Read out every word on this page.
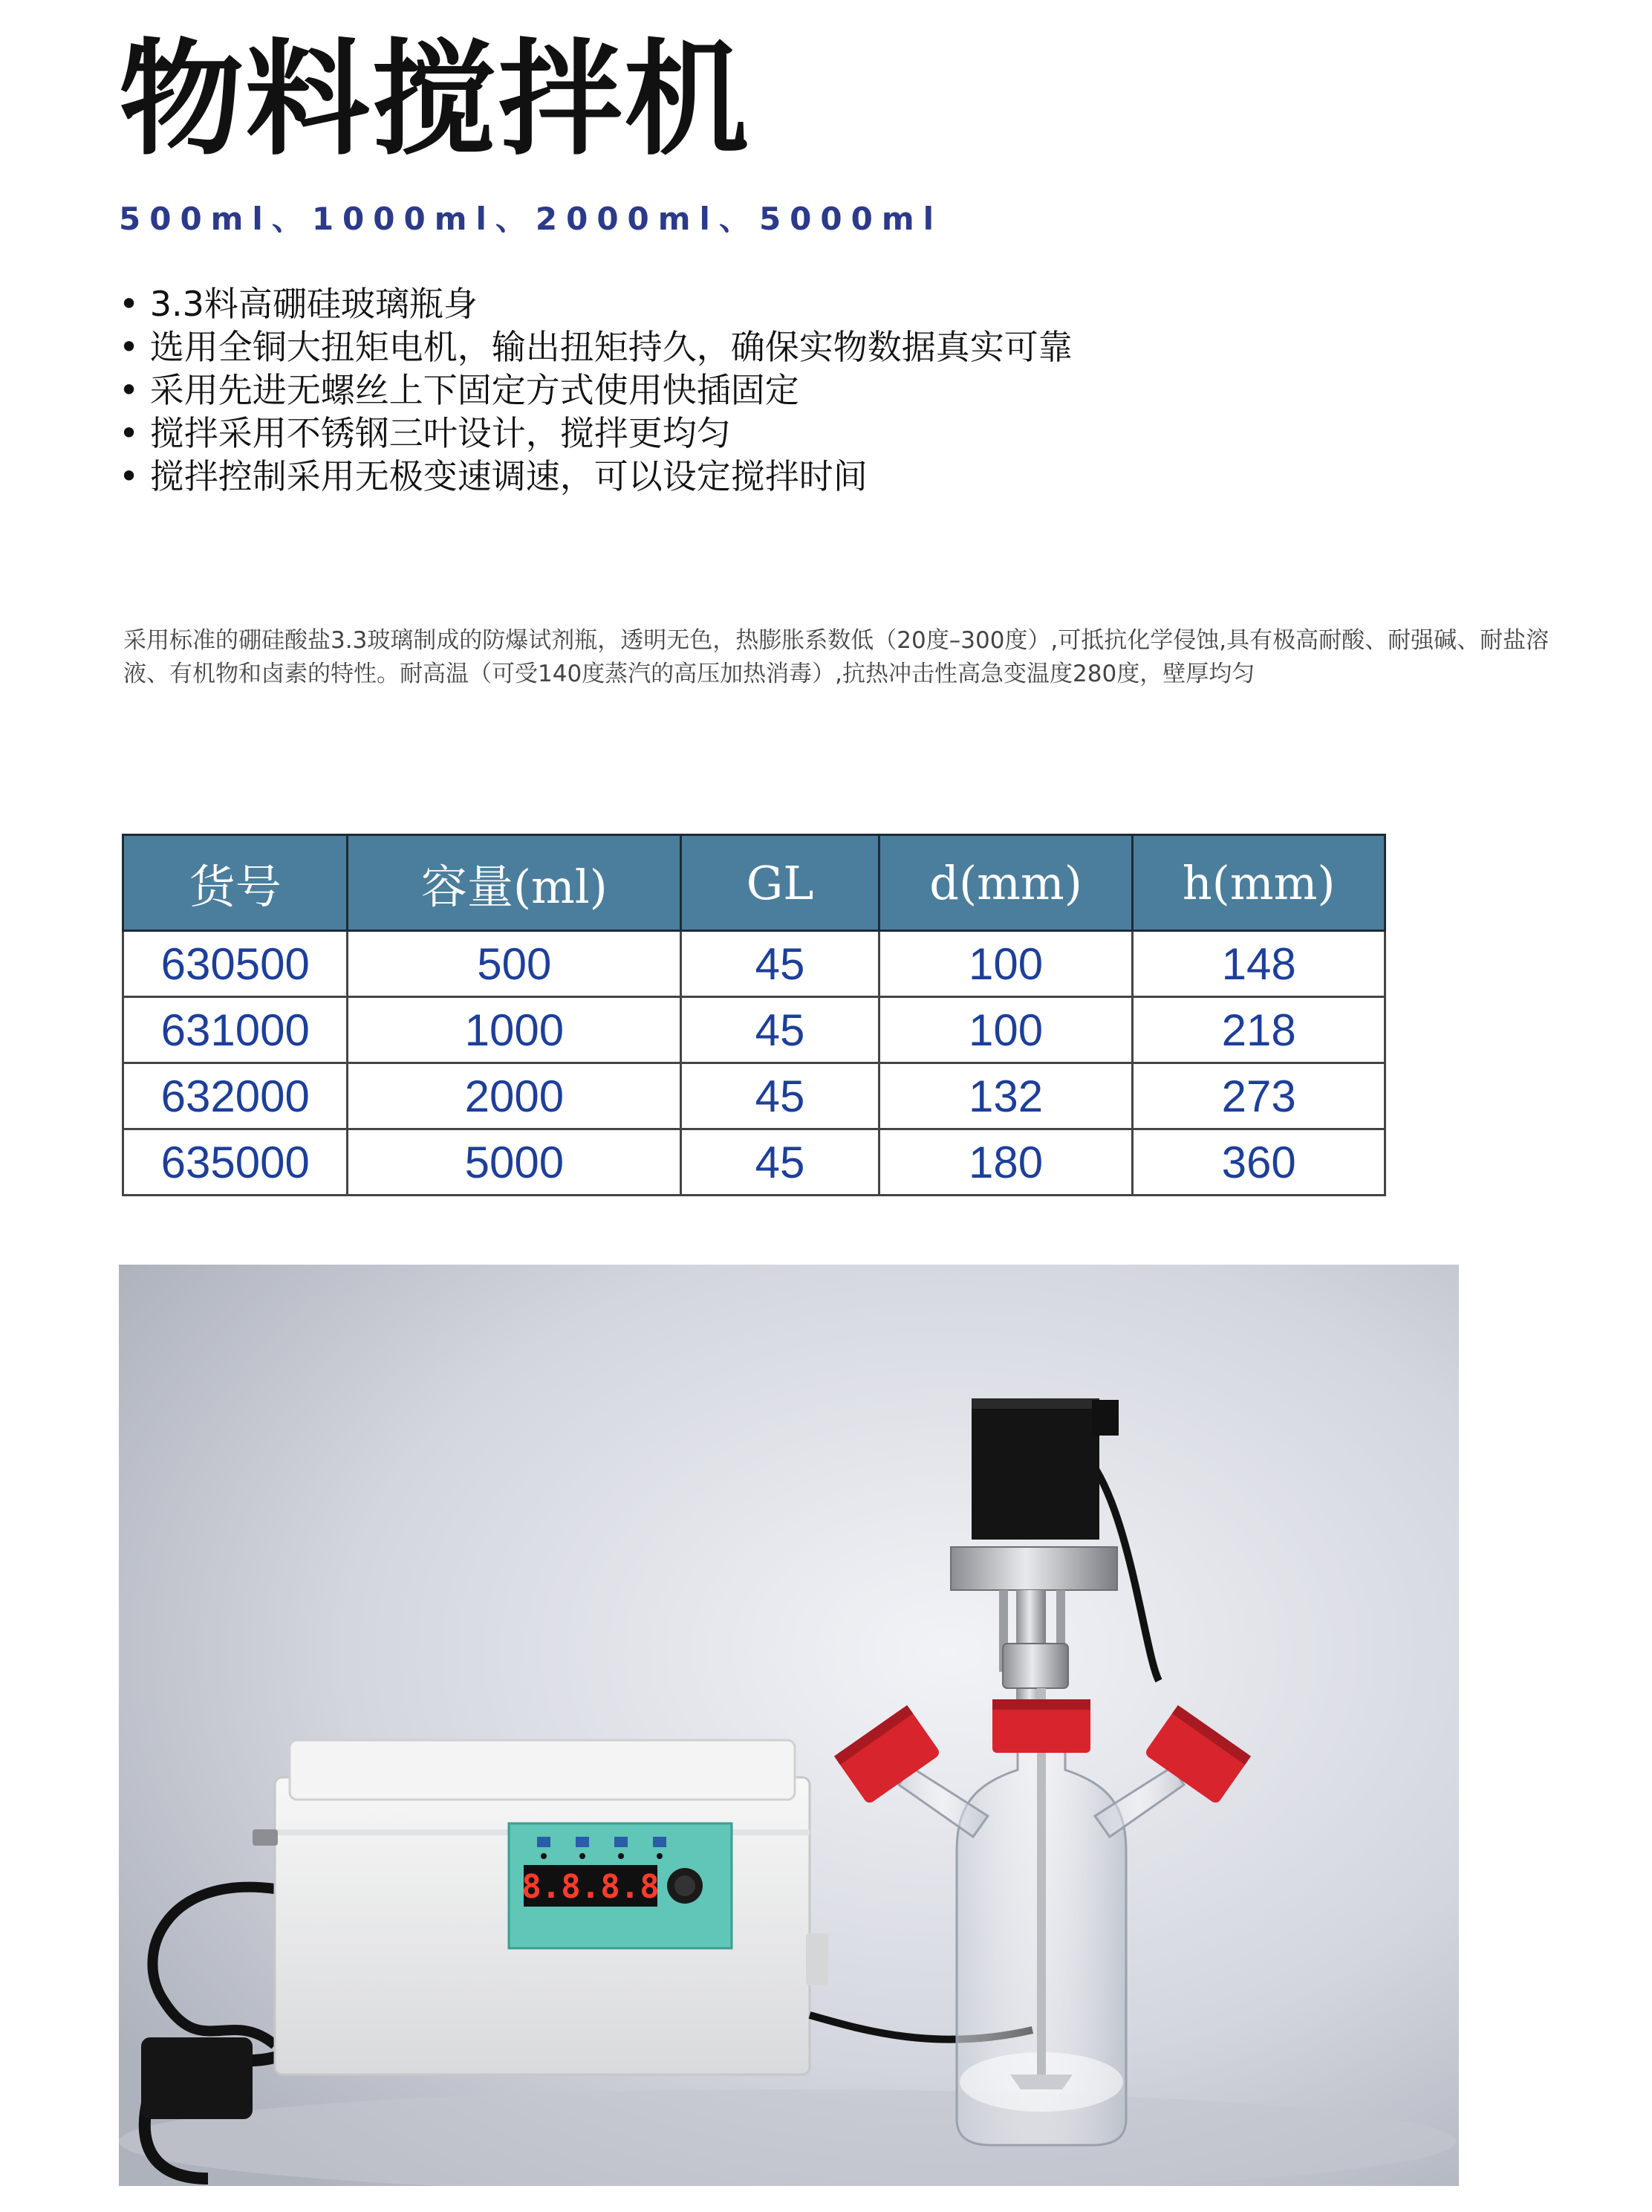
物料搅拌机
500ml、1000ml、2000ml、5000ml
• 3.3料高硼硅玻璃瓶身
• 选用全铜大扭矩电机，输出扭矩持久，确保实物数据真实可靠
• 采用先进无螺丝上下固定方式使用快插固定
• 搅拌采用不锈钢三叶设计，搅拌更均匀
• 搅拌控制采用无极变速调速，可以设定搅拌时间
采用标准的硼硅酸盐3.3玻璃制成的防爆试剂瓶，透明无色，热膨胀系数低（20度–300度）,可抵抗化学侵蚀,具有极高耐酸、耐强碱、耐盐溶液、有机物和卤素的特性。耐高温（可受140度蒸汽的高压加热消毒）,抗热冲击性高急变温度280度，壁厚均匀
货号	容量(ml)	GL	d(mm)	h(mm)
630500	500	45	100	148
631000	1000	45	100	218
632000	2000	45	132	273
635000	5000	45	180	360
8.8.8.8
